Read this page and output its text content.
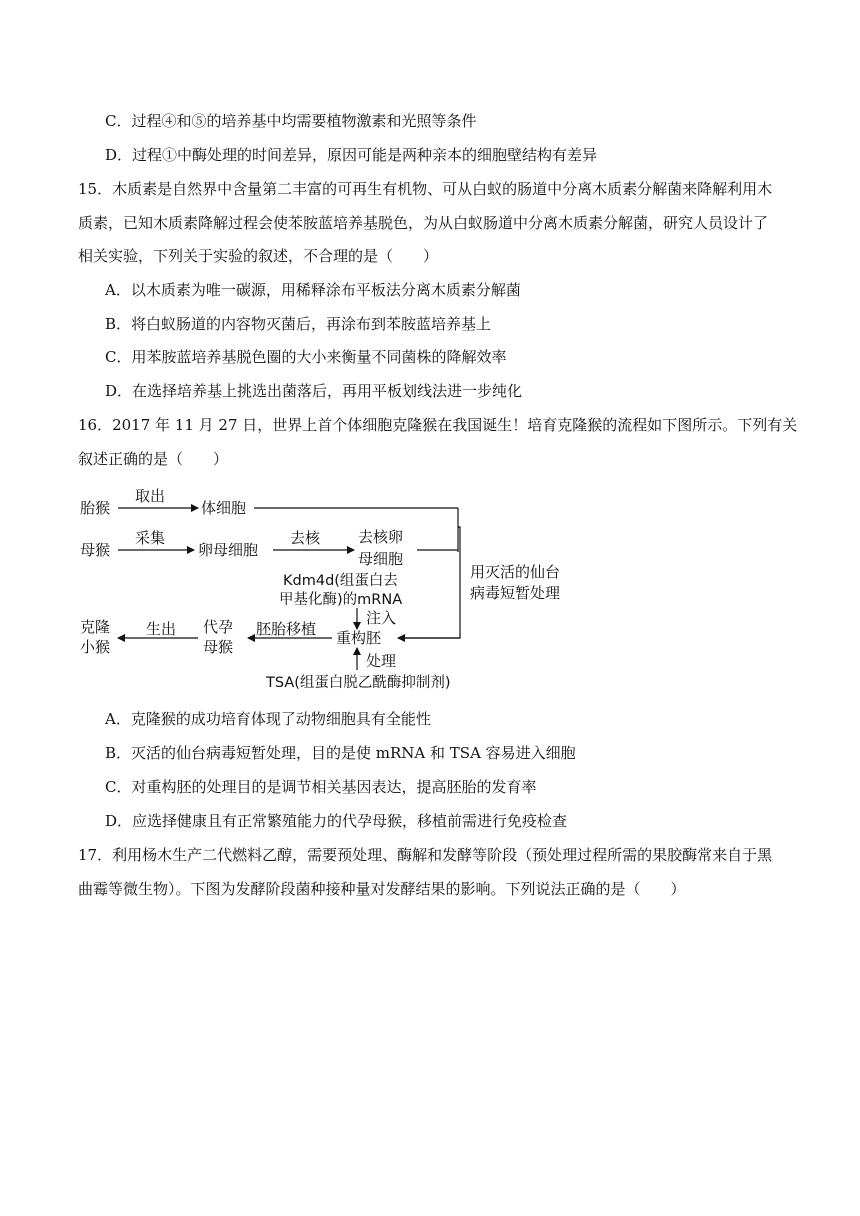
C．过程④和⑤的培养基中均需要植物激素和光照等条件
D．过程①中酶处理的时间差异，原因可能是两种亲本的细胞壁结构有差异
15．木质素是自然界中含量第二丰富的可再生有机物、可从白蚁的肠道中分离木质素分解菌来降解利用木
质素，已知木质素降解过程会使苯胺蓝培养基脱色，为从白蚁肠道中分离木质素分解菌，研究人员设计了
相关实验，下列关于实验的叙述，不合理的是（　　）
A．以木质素为唯一碳源，用稀释涂布平板法分离木质素分解菌
B．将白蚁肠道的内容物灭菌后，再涂布到苯胺蓝培养基上
C．用苯胺蓝培养基脱色圈的大小来衡量不同菌株的降解效率
D．在选择培养基上挑选出菌落后，再用平板划线法进一步纯化
16．2017 年 11 月 27 日，世界上首个体细胞克隆猴在我国诞生！培育克隆猴的流程如下图所示。下列有关
叙述正确的是（　　）
胎猴
取出
体细胞
母猴
采集
卵母细胞
去核	去核卵
母细胞
用灭活的仙台
病毒短暂处理
Kdm4d(组蛋白去
甲基化酶)的mRNA
注入
重构胚
胚胎移植
代孕
母猴
生出
克隆
小猴
处理
TSA(组蛋白脱乙酰酶抑制剂)
A．克隆猴的成功培育体现了动物细胞具有全能性
B．灭活的仙台病毒短暂处理，目的是使 mRNA 和 TSA 容易进入细胞
C．对重构胚的处理目的是调节相关基因表达，提高胚胎的发育率
D．应选择健康且有正常繁殖能力的代孕母猴，移植前需进行免疫检查
17．利用杨木生产二代燃料乙醇，需要预处理、酶解和发酵等阶段（预处理过程所需的果胶酶常来自于黑
曲霉等微生物）。下图为发酵阶段菌种接种量对发酵结果的影响。下列说法正确的是（　　）
